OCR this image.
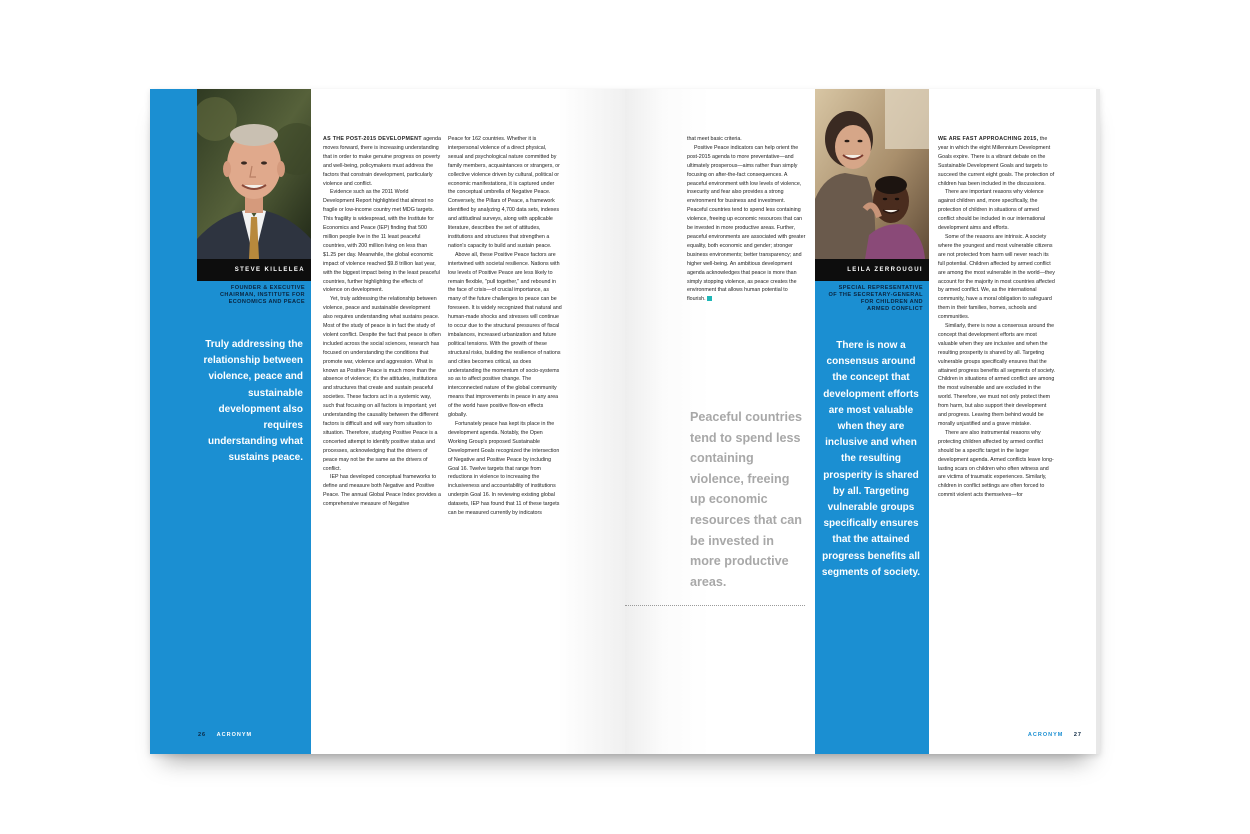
STEVE KILLELEA
FOUNDER & EXECUTIVE
CHAIRMAN, INSTITUTE FOR
ECONOMICS AND PEACE
Truly addressing the relationship between violence, peace and sustainable development also requires understanding what sustains peace.

AS THE POST-2015 DEVELOPMENT agenda moves forward, there is increasing understanding that in order to make genuine progress on poverty and well-being, policymakers must address the factors that constrain development, particularly violence and conflict.

Evidence such as the 2011 World Development Report highlighted that almost no fragile or low-income country met MDG targets. This fragility is widespread, with the Institute for Economics and Peace (IEP) finding that 500 million people live in the 11 least peaceful countries, with 200 million living on less than $1.25 per day. Meanwhile, the global economic impact of violence reached $9.8 trillion last year, with the biggest impact being in the least peaceful countries, further highlighting the effects of violence on development.

Yet, truly addressing the relationship between violence, peace and sustainable development also requires understanding what sustains peace. Most of the study of peace is in fact the study of violent conflict. Despite the fact that peace is often included across the social sciences, research has focused on understanding the conditions that promote war, violence and aggression. What is known as Positive Peace is much more than the absence of violence; it's the attitudes, institutions and structures that create and sustain peaceful societies. These factors act in a systemic way, such that focusing on all factors is important; yet understanding the causality between the different factors is difficult and will vary from situation to situation. Therefore, studying Positive Peace is a concerted attempt to identify positive status and processes, acknowledging that the drivers of peace may not be the same as the drivers of conflict.

IEP has developed conceptual frameworks to define and measure both Negative and Positive Peace. The annual Global Peace Index provides a comprehensive measure of Negative

Peace for 162 countries. Whether it is interpersonal violence of a direct physical, sexual and psychological nature committed by family members, acquaintances or strangers, or collective violence driven by cultural, political or economic manifestations, it is captured under the conceptual umbrella of Negative Peace. Conversely, the Pillars of Peace, a framework identified by analyzing 4,700 data sets, indexes and attitudinal surveys, along with applicable literature, describes the set of attitudes, institutions and structures that strengthen a nation's capacity to build and sustain peace.

Above all, these Positive Peace factors are intertwined with societal resilience. Nations with low levels of Positive Peace are less likely to remain flexible, "pull together," and rebound in the face of crisis—of crucial importance, as many of the future challenges to peace can be foreseen. It is widely recognized that natural and human-made shocks and stresses will continue to occur due to the structural pressures of fiscal imbalances, increased urbanization and future political tensions. With the growth of these structural risks, building the resilience of nations and cities becomes critical, as does understanding the momentum of socio-systems so as to affect positive change. The interconnected nature of the global community means that improvements in peace in any area of the world have positive flow-on effects globally.

Fortunately peace has kept its place in the development agenda. Notably, the Open Working Group's proposed Sustainable Development Goals recognized the intersection of Negative and Positive Peace by including Goal 16. Twelve targets that range from reductions in violence to increasing the inclusiveness and accountability of institutions underpin Goal 16. In reviewing existing global datasets, IEP has found that 11 of these targets can be measured currently by indicators

26 ACRONYM

that meet basic criteria.

Positive Peace indicators can help orient the post-2015 agenda to more preventative—and ultimately prosperous—aims rather than simply focusing on after-the-fact consequences. A peaceful environment with low levels of violence, insecurity and fear also provides a strong environment for business and investment. Peaceful countries tend to spend less containing violence, freeing up economic resources that can be invested in more productive areas. Further, peaceful environments are associated with greater equality, both economic and gender; stronger business environments; better transparency; and higher well-being. An ambitious development agenda acknowledges that peace is more than simply stopping violence, as peace creates the environment that allows human potential to flourish.

Peaceful countries tend to spend less containing violence, freeing up economic resources that can be invested in more productive areas.
LEILA ZERROUGUI
SPECIAL REPRESENTATIVE
OF THE SECRETARY-GENERAL
FOR CHILDREN AND
ARMED CONFLICT
There is now a consensus around the concept that development efforts are most valuable when they are inclusive and when the resulting prosperity is shared by all. Targeting vulnerable groups specifically ensures that the attained progress benefits all segments of society.

WE ARE FAST APPROACHING 2015, the year in which the eight Millennium Development Goals expire. There is a vibrant debate on the Sustainable Development Goals and targets to succeed the current eight goals. The protection of children has been included in the discussions.

There are important reasons why violence against children and, more specifically, the protection of children in situations of armed conflict should be included in our international development aims and efforts.

Some of the reasons are intrinsic. A society where the youngest and most vulnerable citizens are not protected from harm will never reach its full potential. Children affected by armed conflict are among the most vulnerable in the world—they account for the majority in most countries affected by armed conflict. We, as the international community, have a moral obligation to safeguard them in their families, homes, schools and communities.

Similarly, there is now a consensus around the concept that development efforts are most valuable when they are inclusive and when the resulting prosperity is shared by all. Targeting vulnerable groups specifically ensures that the attained progress benefits all segments of society. Children in situations of armed conflict are among the most vulnerable and are excluded in the world. Therefore, we must not only protect them from harm, but also support their development and progress. Leaving them behind would be morally unjustified and a grave mistake.

There are also instrumental reasons why protecting children affected by armed conflict should be a specific target in the larger development agenda. Armed conflicts leave long-lasting scars on children who often witness and are victims of traumatic experiences. Similarly, children in conflict settings are often forced to commit violent acts themselves—for

ACRONYM 27
